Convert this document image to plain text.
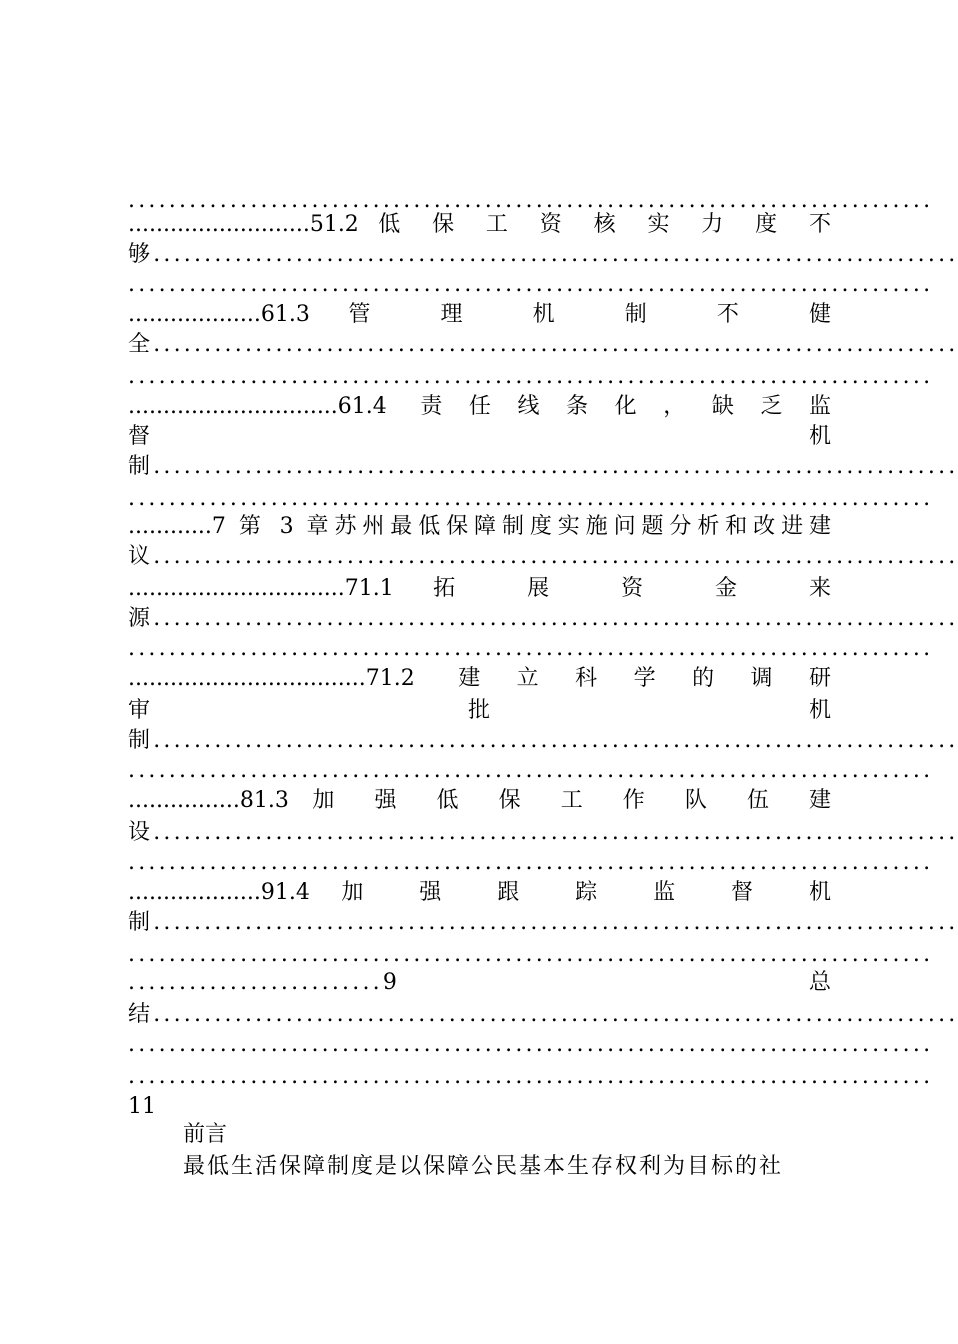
...............................................................................
..........................51.2 低 保 工 资 核 实 力 度 不
够...............................................................................
...............................................................................
...................61.3 管 理 机 制 不 健
全...............................................................................
...............................................................................
..............................61.4 责任线条化，缺乏监
督	机
制...............................................................................
...............................................................................
............7 第 3 章苏州最低保障制度实施问题分析和改进建
议...............................................................................
...............................71.1 拓 展 资 金 来
源...............................................................................
...............................................................................
..................................71.2 建立科学的调研
审	批	机
制...............................................................................
...............................................................................
................81.3 加 强 低 保 工 作 队 伍 建
设...............................................................................
...............................................................................
...................91.4 加 强 跟 踪 监 督 机
制...............................................................................
...............................................................................
.........................9	总
结...............................................................................
...............................................................................
...............................................................................
11
前言
最低生活保障制度是以保障公民基本生存权利为目标的社
